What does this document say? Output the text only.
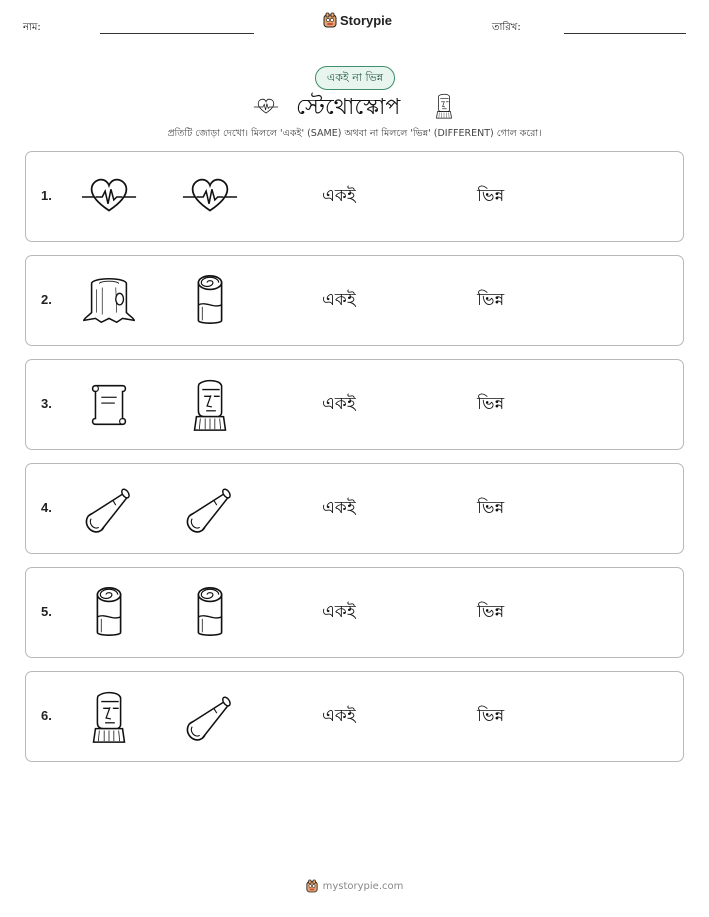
নাম:	Storypie	তারিখ:
একই না ভিন্ন
স্টেথোস্কোপ
প্রতিটি জোড়া দেখো। মিললে 'একই' (SAME) অথবা না মিললে 'ভিন্ন' (DIFFERENT) গোল করো।
1.	একই	ভিন্ন
2.	একই	ভিন্ন
3.	একই	ভিন্ন
4.	একই	ভিন্ন
5.	একই	ভিন্ন
6.	একই	ভিন্ন
mystorypie.com
